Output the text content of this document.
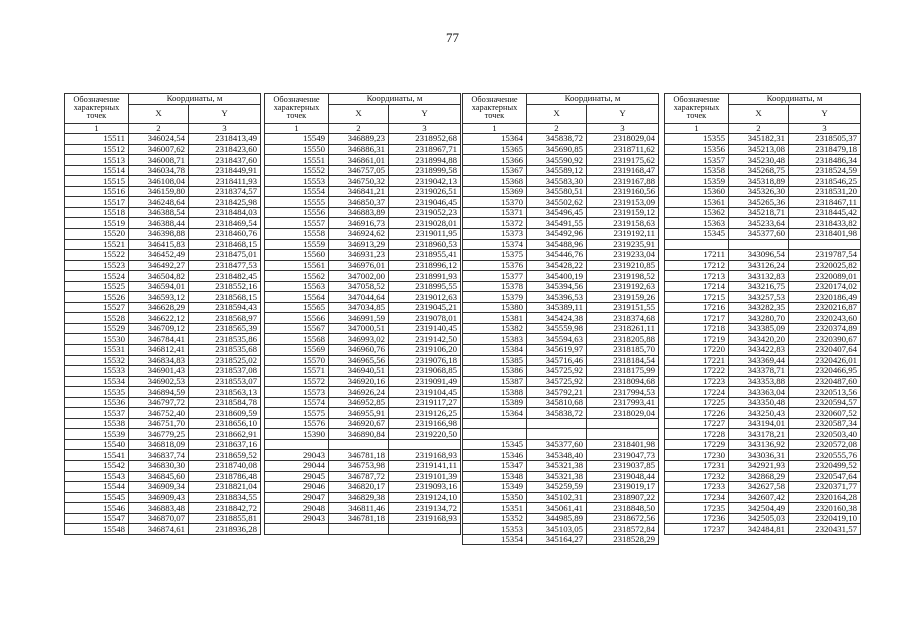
77
Обозначение характерных точек	Координаты, м	
	X	Y
1	2	3
15511	346024,54	2318413,49
15512	346007,62	2318423,60
15513	346008,71	2318437,60
15514	346034,78	2318449,91
15515	346108,04	2318411,93
15516	346159,80	2318374,57
15517	346248,64	2318425,98
15518	346388,54	2318484,03
15519	346388,44	2318469,54
15520	346398,88	2318460,76
15521	346415,83	2318468,15
15522	346452,49	2318475,01
15523	346492,27	2318477,53
15524	346504,82	2318482,45
15525	346594,01	2318552,16
15526	346593,12	2318568,15
15527	346628,29	2318594,43
15528	346622,12	2318568,97
15529	346709,12	2318565,39
15530	346784,41	2318535,86
15531	346812,41	2318535,68
15532	346834,83	2318525,02
15533	346901,43	2318537,08
15534	346902,53	2318553,07
15535	346894,59	2318563,13
15536	346797,72	2318584,78
15537	346752,40	2318609,59
15538	346751,70	2318656,10
15539	346779,25	2318662,91
15540	346818,09	2318637,16
15541	346837,74	2318659,52
15542	346830,30	2318740,08
15543	346845,60	2318786,48
15544	346909,34	2318821,04
15545	346909,43	2318834,55
15546	346883,48	2318842,72
15547	346870,07	2318855,81
15548	346874,61	2318936,28
Обозначение характерных точек	Координаты, м	
	X	Y
1	2	3
15549	346889,23	2318952,68
15550	346886,31	2318967,71
15551	346861,01	2318994,88
15552	346757,05	2318999,58
15553	346750,32	2319042,13
15554	346841,21	2319026,51
15555	346850,37	2319046,45
15556	346883,89	2319052,23
15557	346916,73	2319028,01
15558	346924,62	2319011,95
15559	346913,29	2318960,53
15560	346931,23	2318955,41
15561	346976,01	2318996,12
15562	347002,00	2318991,93
15563	347058,52	2318995,55
15564	347044,64	2319012,63
15565	347034,85	2319045,21
15566	346991,59	2319078,01
15567	347000,51	2319140,45
15568	346993,02	2319142,50
15569	346960,76	2319106,20
15570	346965,56	2319076,18
15571	346940,51	2319068,85
15572	346920,16	2319091,49
15573	346926,24	2319104,45
15574	346952,85	2319117,27
15575	346955,91	2319126,25
15576	346920,67	2319166,98
15390	346890,84	2319220,50

29043	346781,18	2319168,93
29044	346753,98	2319141,11
29045	346787,72	2319101,39
29046	346820,17	2319093,16
29047	346829,38	2319124,10
29048	346811,46	2319134,72
29043	346781,18	2319168,93

Обозначение характерных точек	Координаты, м	
	X	Y
1	2	3
15364	345838,72	2318029,04
15365	345690,85	2318711,62
15366	345590,92	2319175,62
15367	345589,12	2319168,47
15368	345583,30	2319167,88
15369	345580,51	2319160,56
15370	345502,62	2319153,09
15371	345496,45	2319159,12
15372	345491,55	2319158,63
15373	345492,96	2319192,11
15374	345488,96	2319235,91
15375	345446,76	2319233,04
15376	345428,22	2319210,85
15377	345400,19	2319198,52
15378	345394,56	2319192,63
15379	345396,53	2319159,26
15380	345389,11	2319151,55
15381	345424,38	2318374,68
15382	345559,98	2318261,11
15383	345594,63	2318205,88
15384	345619,97	2318185,70
15385	345716,46	2318184,54
15386	345725,92	2318175,99
15387	345725,92	2318094,68
15388	345792,21	2317994,53
15389	345810,68	2317993,41
15364	345838,72	2318029,04

15345	345377,60	2318401,98
15346	345348,40	2319047,73
15347	345321,38	2319037,85
15348	345321,38	2319048,44
15349	345259,59	2319019,17
15350	345102,31	2318907,22
15351	345061,41	2318848,50
15352	344985,89	2318672,56
15353	345103,05	2318572,84
15354	345164,27	2318528,29
Обозначение характерных точек	Координаты, м	
	X	Y
1	2	3
15355	345182,31	2318505,37
15356	345213,08	2318479,18
15357	345230,48	2318486,34
15358	345268,75	2318524,59
15359	345318,89	2318546,25
15360	345326,30	2318531,20
15361	345265,36	2318467,11
15362	345218,71	2318445,42
15363	345233,64	2318433,82
15345	345377,60	2318401,98

17211	343096,54	2319787,54
17212	343126,24	2320025,82
17213	343132,83	2320089,01
17214	343216,75	2320174,02
17215	343257,53	2320186,49
17216	343282,35	2320216,87
17217	343280,70	2320243,60
17218	343385,09	2320374,89
17219	343420,20	2320390,67
17220	343422,83	2320407,64
17221	343369,44	2320426,01
17222	343378,71	2320466,95
17223	343353,88	2320487,60
17224	343363,04	2320513,56
17225	343350,48	2320594,57
17226	343250,43	2320607,52
17227	343194,01	2320587,34
17228	343178,21	2320503,40
17229	343136,92	2320572,08
17230	343036,31	2320555,76
17231	342921,93	2320499,52
17232	342868,29	2320547,64
17233	342627,58	2320371,77
17234	342607,42	2320164,28
17235	342504,49	2320160,38
17236	342505,03	2320419,10
17237	342484,81	2320431,57
